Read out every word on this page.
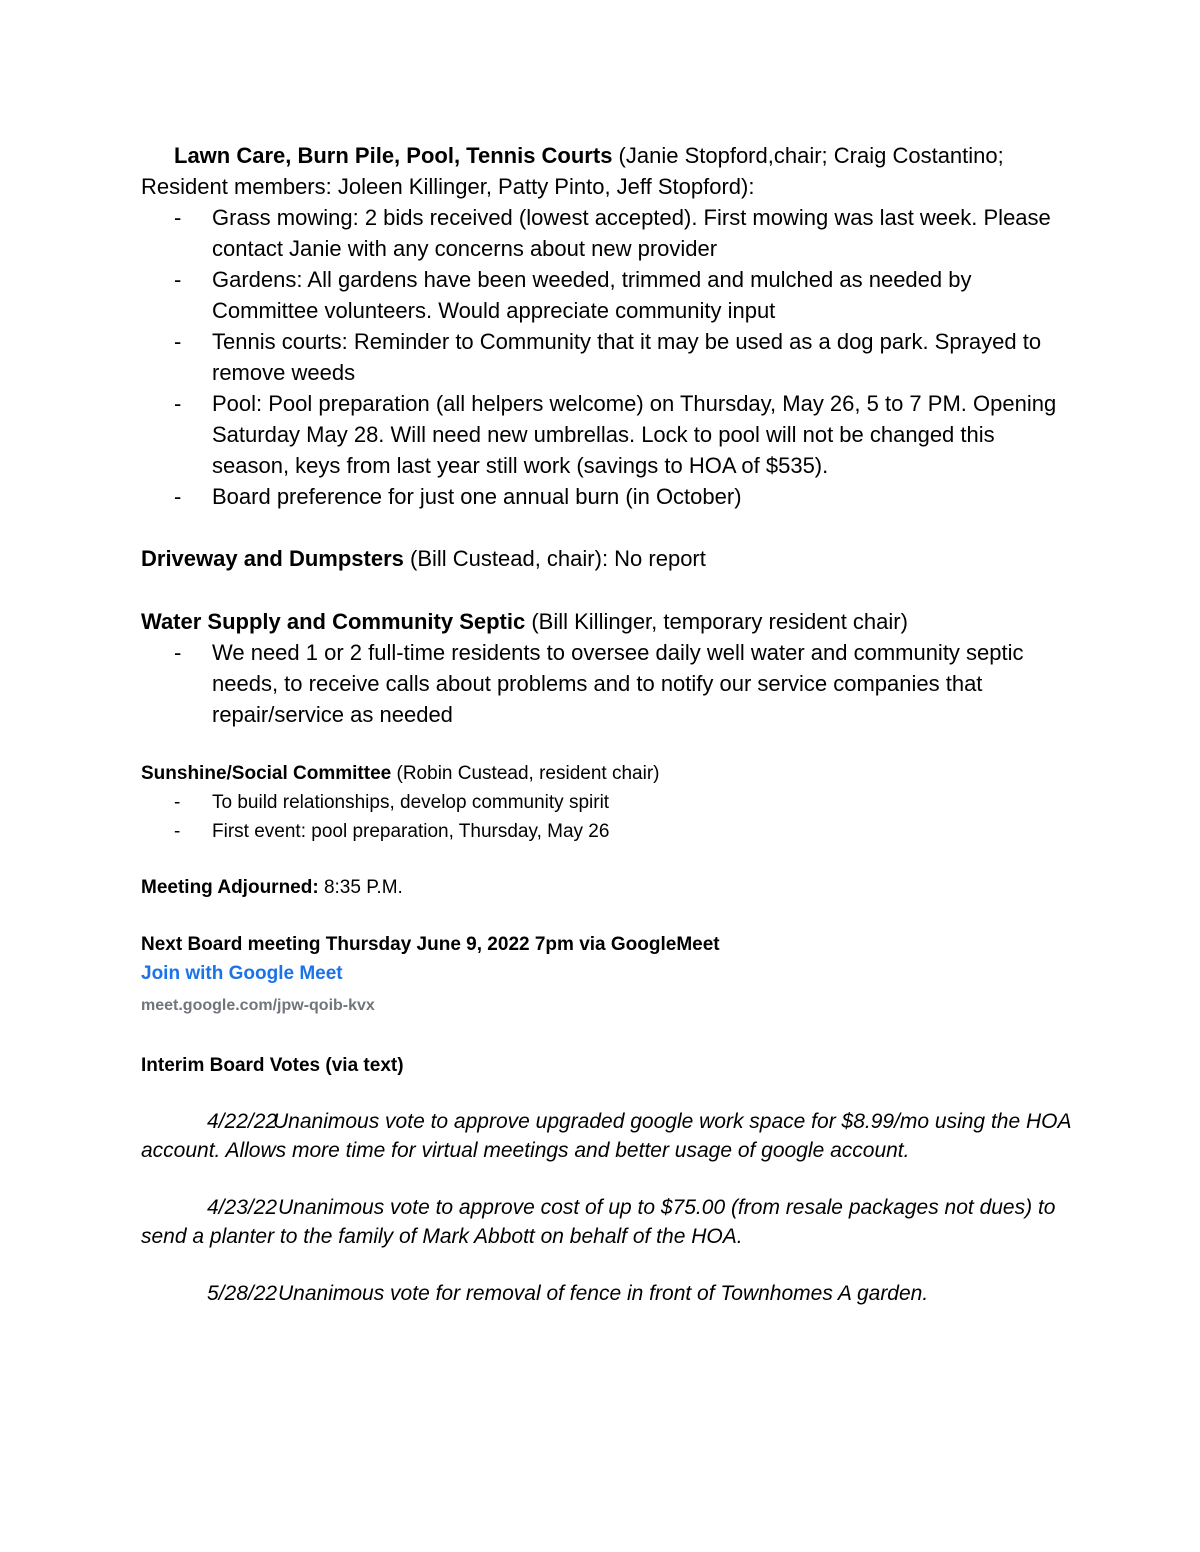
Lawn Care, Burn Pile, Pool, Tennis Courts (Janie Stopford,chair; Craig Costantino; Resident members: Joleen Killinger, Patty Pinto, Jeff Stopford):

- Grass mowing: 2 bids received (lowest accepted). First mowing was last week. Please contact Janie with any concerns about new provider
- Gardens: All gardens have been weeded, trimmed and mulched as needed by Committee volunteers. Would appreciate community input
- Tennis courts: Reminder to Community that it may be used as a dog park. Sprayed to remove weeds
- Pool: Pool preparation (all helpers welcome) on Thursday, May 26, 5 to 7 PM. Opening Saturday May 28. Will need new umbrellas. Lock to pool will not be changed this season, keys from last year still work (savings to HOA of $535).
- Board preference for just one annual burn (in October)

Driveway and Dumpsters (Bill Custead, chair): No report

Water Supply and Community Septic (Bill Killinger, temporary resident chair)

- We need 1 or 2 full-time residents to oversee daily well water and community septic needs, to receive calls about problems and to notify our service companies that repair/service as needed

Sunshine/Social Committee (Robin Custead, resident chair)

- To build relationships, develop community spirit
- First event: pool preparation, Thursday, May 26

Meeting Adjourned: 8:35 P.M.

Next Board meeting Thursday June 9, 2022 7pm via GoogleMeet

Join with Google Meet
meet.google.com/jpw-qoib-kvx

Interim Board Votes (via text)

4/22/22Unanimous vote to approve upgraded google work space for $8.99/mo using the HOA account. Allows more time for virtual meetings and better usage of google account.

4/23/22Unanimous vote to approve cost of up to $75.00 (from resale packages not dues) to send a planter to the family of Mark Abbott on behalf of the HOA.

5/28/22Unanimous vote for removal of fence in front of Townhomes A garden.
